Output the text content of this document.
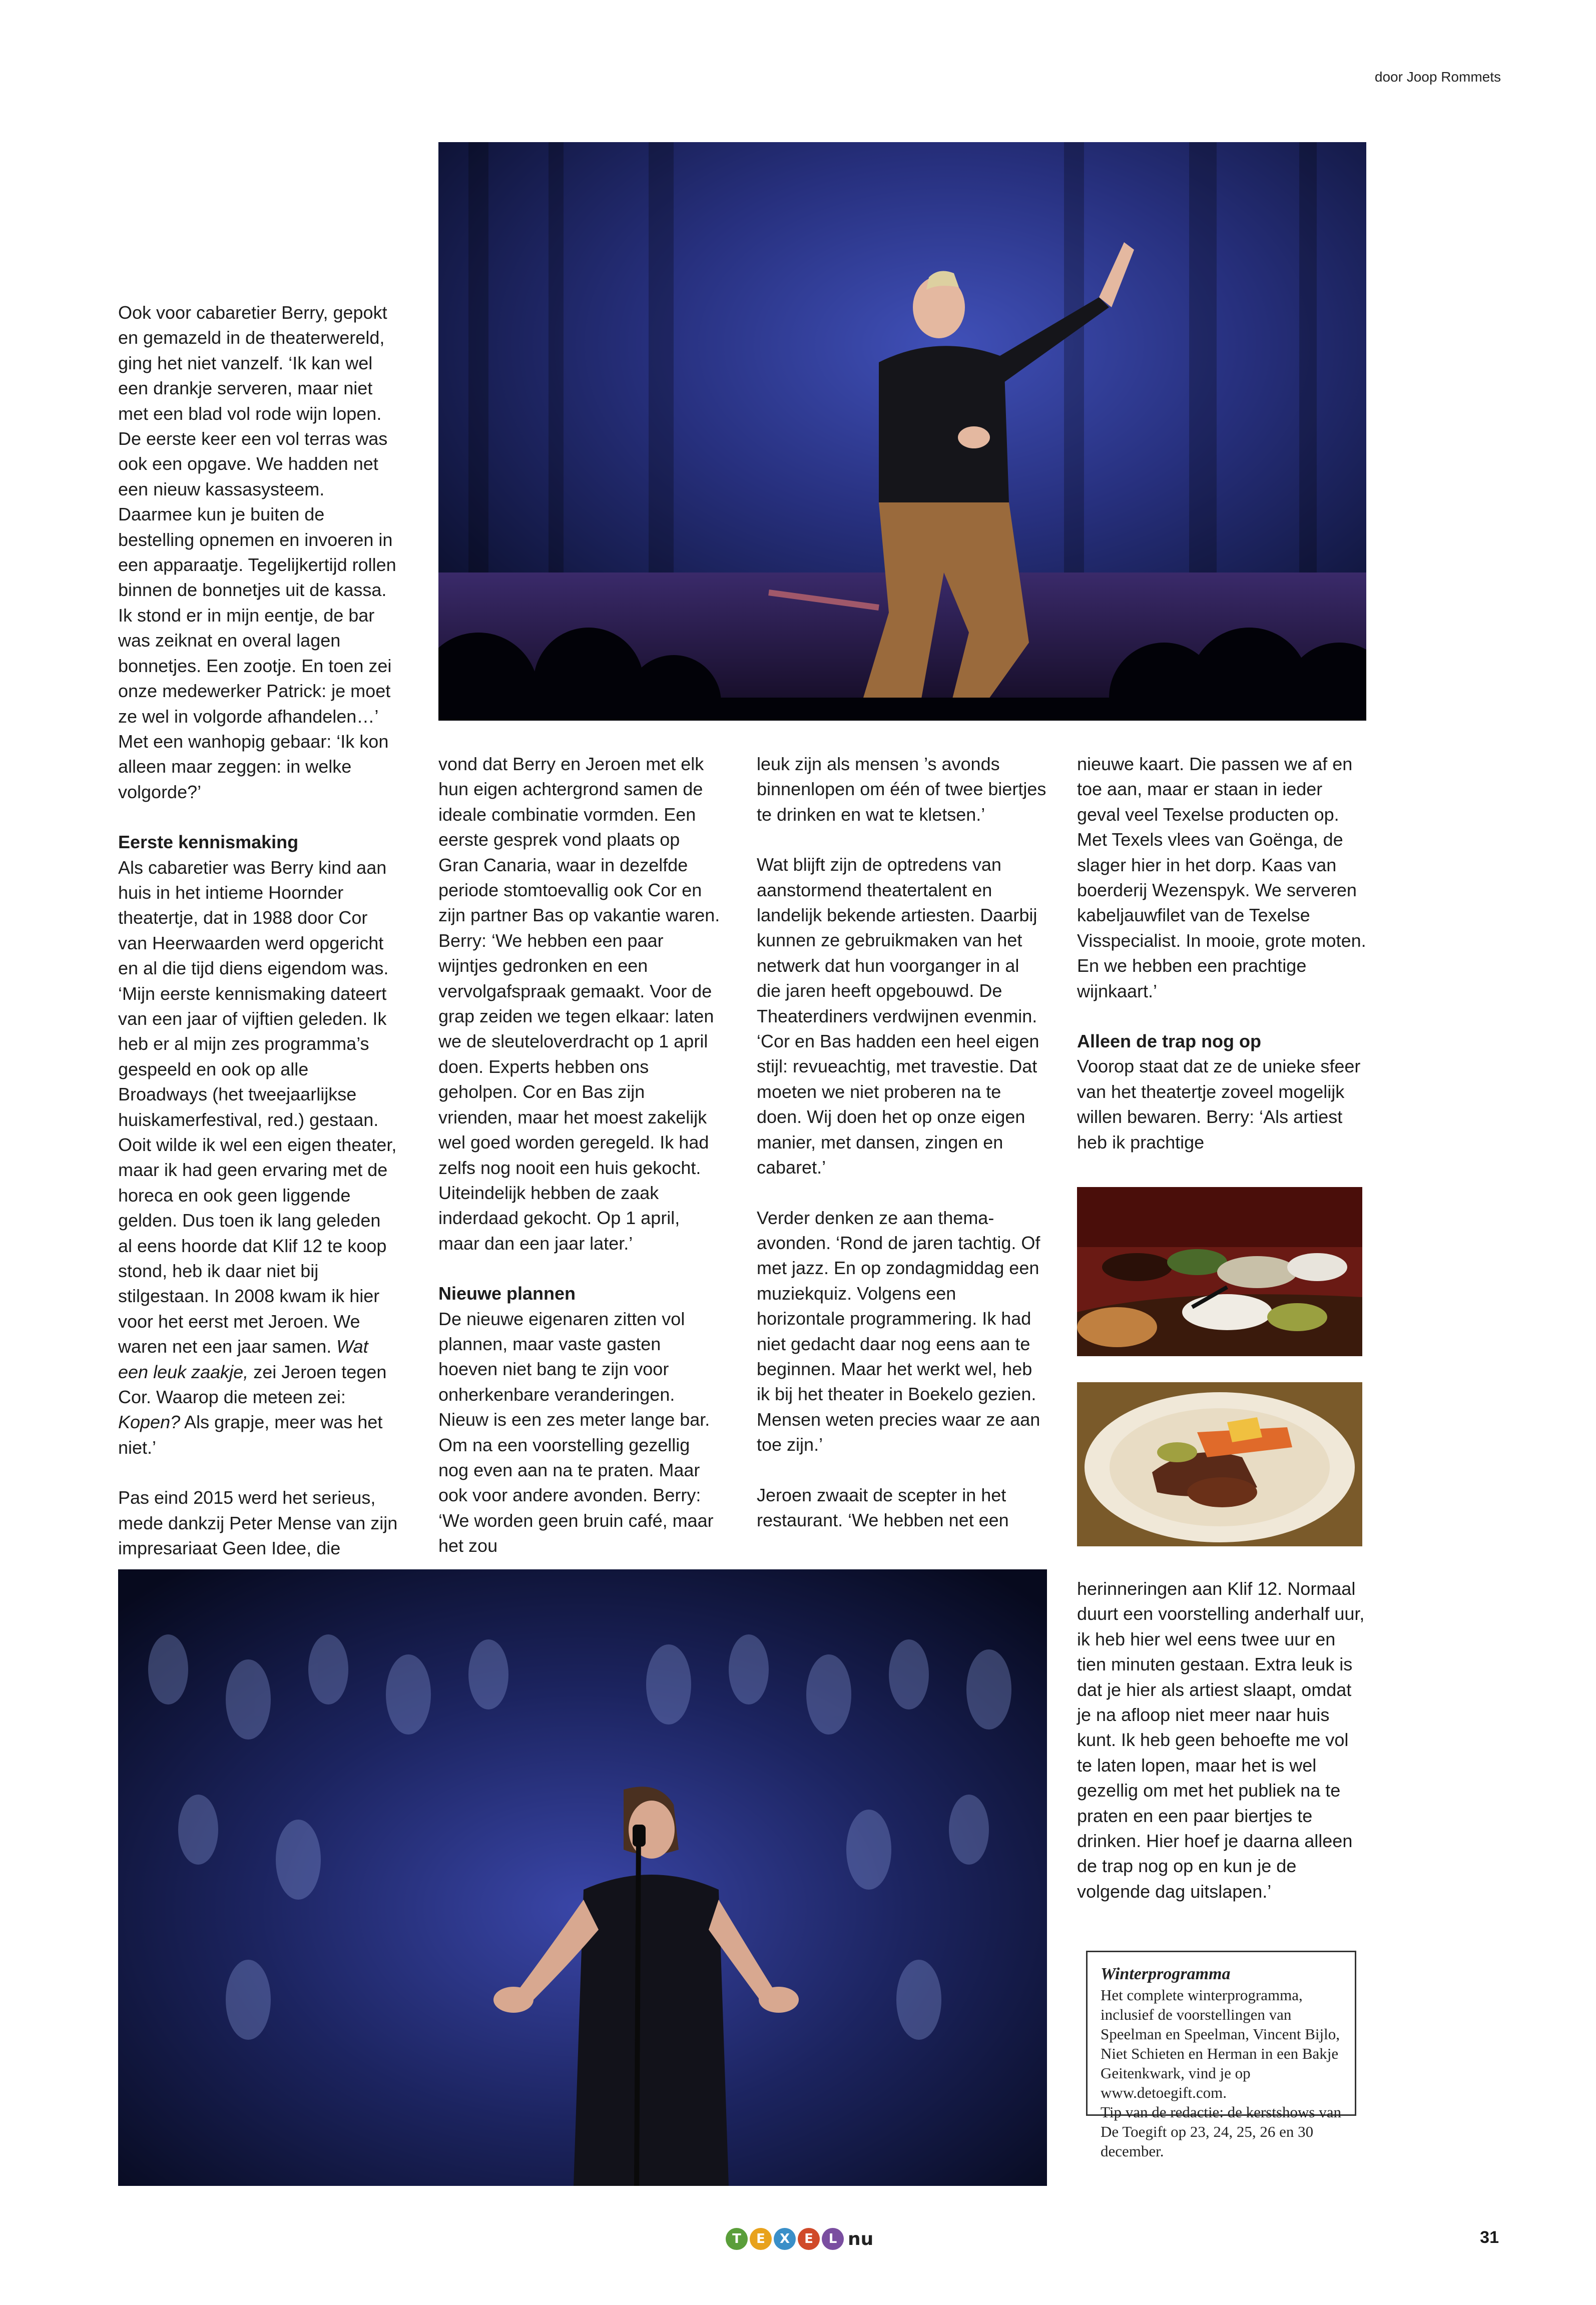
door Joop Rommets

Ook voor cabaretier Berry, gepokt en gemazeld in de theaterwereld, ging het niet vanzelf. ‘Ik kan wel een drankje serveren, maar niet met een blad vol rode wijn lopen. De eerste keer een vol terras was ook een opgave. We hadden net een nieuw kassasysteem. Daarmee kun je buiten de bestelling opnemen en invoeren in een apparaatje. Tegelijkertijd rollen binnen de bonnetjes uit de kassa. Ik stond er in mijn eentje, de bar was zeiknat en overal lagen bonnetjes. Een zootje. En toen zei onze medewerker Patrick: je moet ze wel in volgorde afhandelen…’ Met een wanhopig gebaar: ‘Ik kon alleen maar zeggen: in welke volgorde?’

Eerste kennismaking

Als cabaretier was Berry kind aan huis in het intieme Hoornder theatertje, dat in 1988 door Cor van Heerwaarden werd opgericht en al die tijd diens eigendom was. ‘Mijn eerste kennismaking dateert van een jaar of vijftien geleden. Ik heb er al mijn zes programma’s gespeeld en ook op alle Broadways (het tweejaarlijkse huiskamerfestival, red.) gestaan. Ooit wilde ik wel een eigen theater, maar ik had geen ervaring met de horeca en ook geen liggende gelden. Dus toen ik lang geleden al eens hoorde dat Klif 12 te koop stond, heb ik daar niet bij stilgestaan. In 2008 kwam ik hier voor het eerst met Jeroen. We waren net een jaar samen. Wat een leuk zaakje, zei Jeroen tegen Cor. Waarop die meteen zei: Kopen? Als grapje, meer was het niet.’

Pas eind 2015 werd het serieus, mede dankzij Peter Mense van zijn impresariaat Geen Idee, die

vond dat Berry en Jeroen met elk hun eigen achtergrond samen de ideale combinatie vormden. Een eerste gesprek vond plaats op Gran Canaria, waar in dezelfde periode stomtoevallig ook Cor en zijn partner Bas op vakantie waren. Berry: ‘We hebben een paar wijntjes gedronken en een vervolgafspraak gemaakt. Voor de grap zeiden we tegen elkaar: laten we de sleuteloverdracht op 1 april doen. Experts hebben ons geholpen. Cor en Bas zijn vrienden, maar het moest zakelijk wel goed worden geregeld. Ik had zelfs nog nooit een huis gekocht. Uiteindelijk hebben de zaak inderdaad gekocht. Op 1 april, maar dan een jaar later.’

Nieuwe plannen

De nieuwe eigenaren zitten vol plannen, maar vaste gasten hoeven niet bang te zijn voor onherkenbare veranderingen. Nieuw is een zes meter lange bar. Om na een voorstelling gezellig nog even aan na te praten. Maar ook voor andere avonden. Berry: ‘We worden geen bruin café, maar het zou

leuk zijn als mensen ’s avonds binnenlopen om één of twee biertjes te drinken en wat te kletsen.’

Wat blijft zijn de optredens van aanstormend theatertalent en landelijk bekende artiesten. Daarbij kunnen ze gebruikmaken van het netwerk dat hun voorganger in al die jaren heeft opgebouwd. De Theaterdiners verdwijnen evenmin. ‘Cor en Bas hadden een heel eigen stijl: revueachtig, met travestie. Dat moeten we niet proberen na te doen. Wij doen het op onze eigen manier, met dansen, zingen en cabaret.’

Verder denken ze aan thema-avonden. ‘Rond de jaren tachtig. Of met jazz. En op zondagmiddag een muziekquiz. Volgens een horizontale programmering. Ik had niet gedacht daar nog eens aan te beginnen. Maar het werkt wel, heb ik bij het theater in Boekelo gezien. Mensen weten precies waar ze aan toe zijn.’

Jeroen zwaait de scepter in het restaurant. ‘We hebben net een

nieuwe kaart. Die passen we af en toe aan, maar er staan in ieder geval veel Texelse producten op. Met Texels vlees van Goënga, de slager hier in het dorp. Kaas van boerderij Wezenspyk. We serveren kabeljauwfilet van de Texelse Visspecialist. In mooie, grote moten. En we hebben een prachtige wijnkaart.’

Alleen de trap nog op

Voorop staat dat ze de unieke sfeer van het theatertje zoveel mogelijk willen bewaren. Berry: ‘Als artiest heb ik prachtige

herinneringen aan Klif 12. Normaal duurt een voorstelling anderhalf uur, ik heb hier wel eens twee uur en tien minuten gestaan. Extra leuk is dat je hier als artiest slaapt, omdat je na afloop niet meer naar huis kunt. Ik heb geen behoefte me vol te laten lopen, maar het is wel gezellig om met het publiek na te praten en een paar biertjes te drinken. Hier hoef je daarna alleen de trap nog op en kun je de volgende dag uitslapen.’

Winterprogramma

Het complete winterprogramma, inclusief de voorstellingen van Speelman en Speelman, Vincent Bijlo, Niet Schieten en Herman in een Bakje Geitenkwark, vind je op www.detoegift.com.

Tip van de redactie: de kerstshows van De Toegift op 23, 24, 25, 26 en 30 december.

T	E	X	E	L nu	31
